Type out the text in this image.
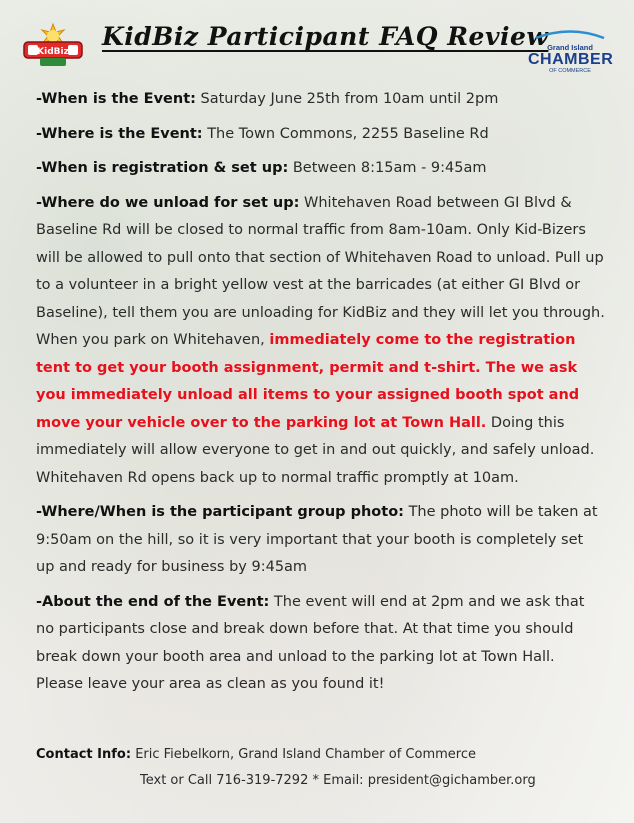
KidBiz
KidBiz Participant FAQ Review
Grand Island
CHAMBER
OF COMMERCE
-When is the Event: Saturday June 25th from 10am until 2pm
-Where is the Event: The Town Commons, 2255 Baseline Rd
-When is registration & set up: Between 8:15am - 9:45am
-Where do we unload for set up: Whitehaven Road between GI Blvd & Baseline Rd will be closed to normal traffic from 8am-10am. Only Kid-Bizers will be allowed to pull onto that section of Whitehaven Road to unload. Pull up to a volunteer in a bright yellow vest at the barricades (at either GI Blvd or Baseline), tell them you are unloading for KidBiz and they will let you through. When you park on Whitehaven, immediately come to the registration tent to get your booth assignment, permit and t-shirt. The we ask you immediately unload all items to your assigned booth spot and move your vehicle over to the parking lot at Town Hall. Doing this immediately will allow everyone to get in and out quickly, and safely unload. Whitehaven Rd opens back up to normal traffic promptly at 10am.
-Where/When is the participant group photo: The photo will be taken at 9:50am on the hill, so it is very important that your booth is completely set up and ready for business by 9:45am
-About the end of the Event: The event will end at 2pm and we ask that no participants close and break down before that. At that time you should break down your booth area and unload to the parking lot at Town Hall. Please leave your area as clean as you found it!
Contact Info: Eric Fiebelkorn, Grand Island Chamber of Commerce
Text or Call 716-319-7292 * Email: president@gichamber.org
